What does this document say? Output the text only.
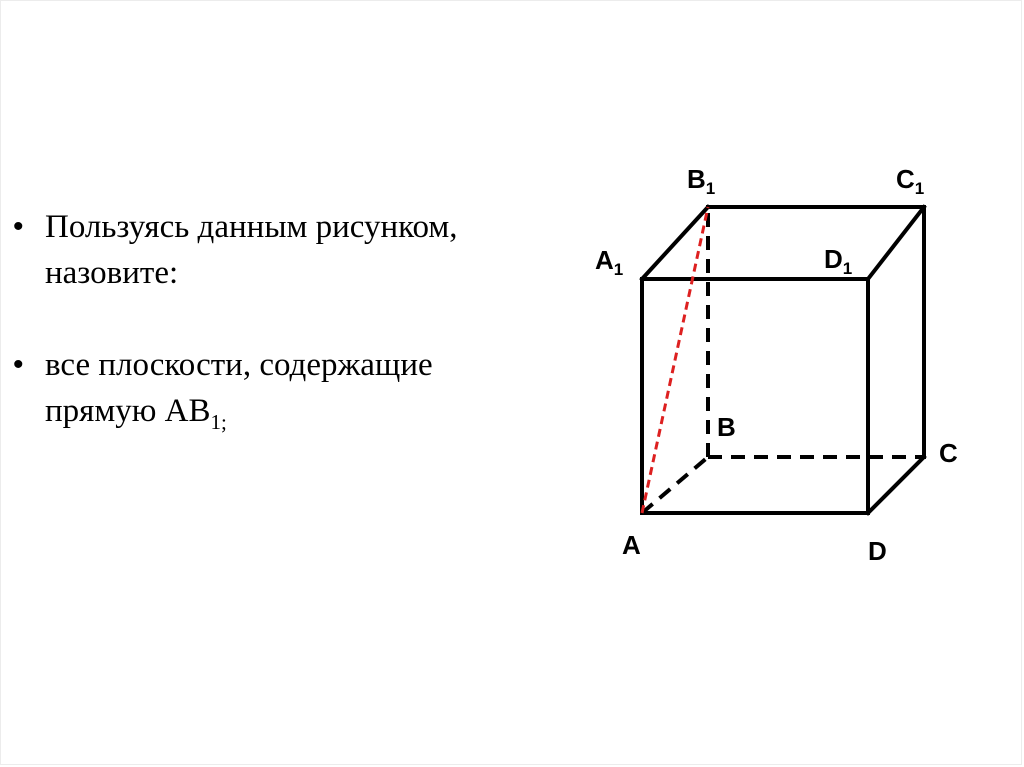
• Пользуясь данным рисунком, назовите:
• все плоскости, содержащие прямую $АВ_{1;}$
$B_1$	$C_1$
$A_1$	$D_1$
B
C
A	D
